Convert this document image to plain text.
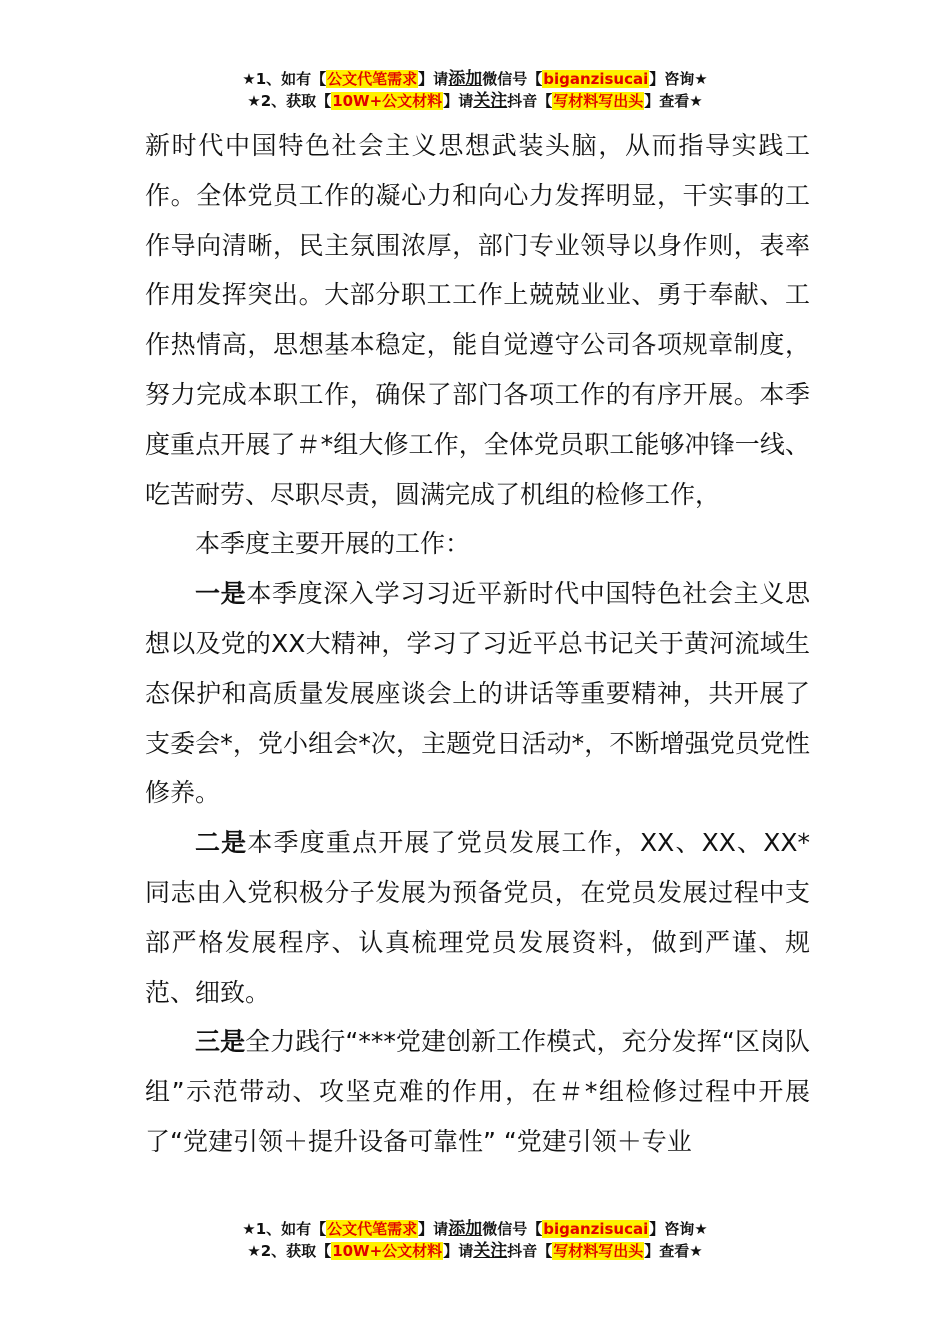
★1、如有【公文代笔需求】请添加微信号【biganzisucai】咨询★
★2、获取【10W+公文材料】请关注抖音【写材料写出头】查看★

新时代中国特色社会主义思想武装头脑，从而指导实践工作。全体党员工作的凝心力和向心力发挥明显，干实事的工作导向清晰，民主氛围浓厚，部门专业领导以身作则，表率作用发挥突出。大部分职工工作上兢兢业业、勇于奉献、工作热情高，思想基本稳定，能自觉遵守公司各项规章制度，努力完成本职工作，确保了部门各项工作的有序开展。本季度重点开展了＃*组大修工作，全体党员职工能够冲锋一线、吃苦耐劳、尽职尽责，圆满完成了机组的检修工作，

本季度主要开展的工作：

一是本季度深入学习习近平新时代中国特色社会主义思想以及党的XX大精神，学习了习近平总书记关于黄河流域生态保护和高质量发展座谈会上的讲话等重要精神，共开展了支委会*，党小组会*次，主题党日活动*，不断增强党员党性修养。

二是本季度重点开展了党员发展工作，XX、XX、XX*同志由入党积极分子发展为预备党员，在党员发展过程中支部严格发展程序、认真梳理党员发展资料，做到严谨、规范、细致。

三是全力践行“***党建创新工作模式，充分发挥“区岗队组”示范带动、攻坚克难的作用，在＃*组检修过程中开展了“党建引领＋提升设备可靠性” “党建引领＋专业

★1、如有【公文代笔需求】请添加微信号【biganzisucai】咨询★
★2、获取【10W+公文材料】请关注抖音【写材料写出头】查看★
